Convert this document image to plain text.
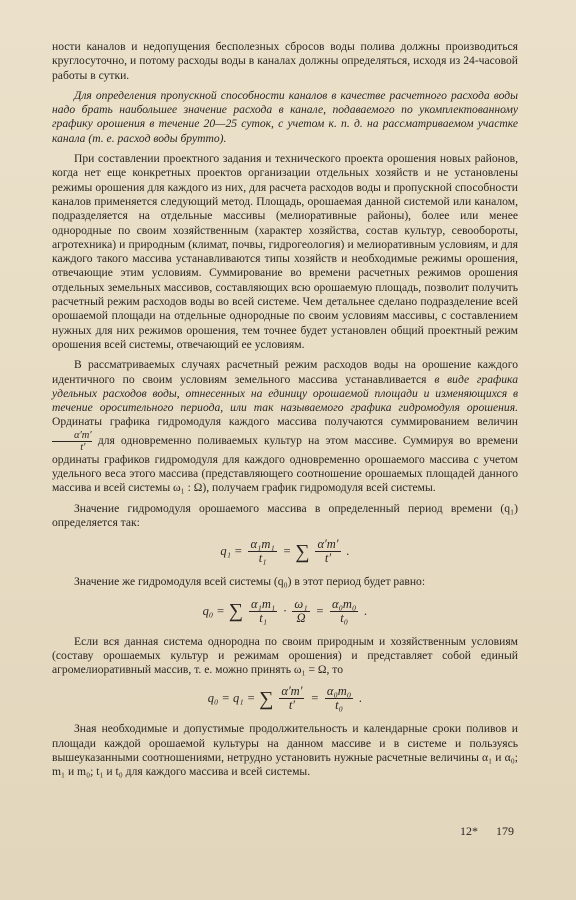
ности каналов и недопущения бесполезных сбросов воды полива должны производиться круглосуточно, и потому расходы воды в каналах должны определяться, исходя из 24-часовой работы в сутки.

Для определения пропускной способности каналов в качестве расчетного расхода воды надо брать наибольшее значение расхода в канале, подаваемого по укомплектованному графику орошения в течение 20—25 суток, с учетом к. п. д. на рассматриваемом участке канала (т. е. расход воды брутто).

При составлении проектного задания и технического проекта орошения новых районов, когда нет еще конкретных проектов организации отдельных хозяйств и не установлены режимы орошения для каждого из них, для расчета расходов воды и пропускной способности каналов применяется следующий метод. Площадь, орошаемая данной системой или каналом, подразделяется на отдельные массивы (мелиоративные районы), более или менее однородные по своим хозяйственным (характер хозяйства, состав культур, севообороты, агротехника) и природным (климат, почвы, гидрогеология) и мелиоративным условиям, и для каждого такого массива устанавливаются типы хозяйств и необходимые режимы орошения, отвечающие этим условиям. Суммирование во времени расчетных режимов орошения отдельных земельных массивов, составляющих всю орошаемую площадь, позволит получить расчетный режим расходов воды во всей системе. Чем детальнее сделано подразделение всей орошаемой площади на отдельные однородные по своим условиям массивы, с составлением нужных для них режимов орошения, тем точнее будет установлен общий проектный режим орошения всей системы, отвечающий ее условиям.

В рассматриваемых случаях расчетный режим расходов воды на орошение каждого идентичного по своим условиям земельного массива устанавливается в виде графика удельных расходов воды, отнесенных на единицу орошаемой площади и изменяющихся в течение оросительного периода, или так называемого графика гидромодуля орошения. Ординаты графика гидромодуля каждого массива получаются суммированием величин
$\frac{\alpha'm'}{t'}$ для одновременно поливаемых культур на этом массиве. Суммируя во времени ординаты графиков гидромодуля для каждого одновременно орошаемого массива с учетом удельного веса этого массива (представляющего соотношение орошаемых площадей данного массива и всей системы ω₁ : Ω), получаем график гидромодуля всей системы.

Значение гидромодуля орошаемого массива в определенный период времени (q₁) определяется так:

$q_1 = \frac{\text{α₁m₁}}{\text{t₁}}$ = ∑ $\frac{\alpha'm'}{t'}$ .

Значение же гидромодуля всей системы (q₀) в этот период будет равно:

q₀ = ∑ $\frac{\text{α₁m₁}}{\text{t₁}} \cdot \frac{\text{ω₁}}{\Omega} = \frac{\text{α₀m₀}}{\text{t₀}}$ .

Если вся данная система однородна по своим природным и хозяйственным условиям (составу орошаемых культур и режимам орошения) и представляет собой единый агромелиоративный массив, т. е. можно принять ω₁ = Ω, то

q₀ = q₁ = ∑ $\frac{\alpha'm'}{t'} = \frac{\text{α₀m₀}}{\text{t₀}}$ .

Зная необходимые и допустимые продолжительность и календарные сроки поливов и площади каждой орошаемой культуры на данном массиве и в системе и пользуясь вышеуказанными соотношениями, нетрудно установить нужные расчетные величины α₁ и α₀; m₁ и m₀; t₁ и t₀ для каждого массива и всей системы.

12* 179
